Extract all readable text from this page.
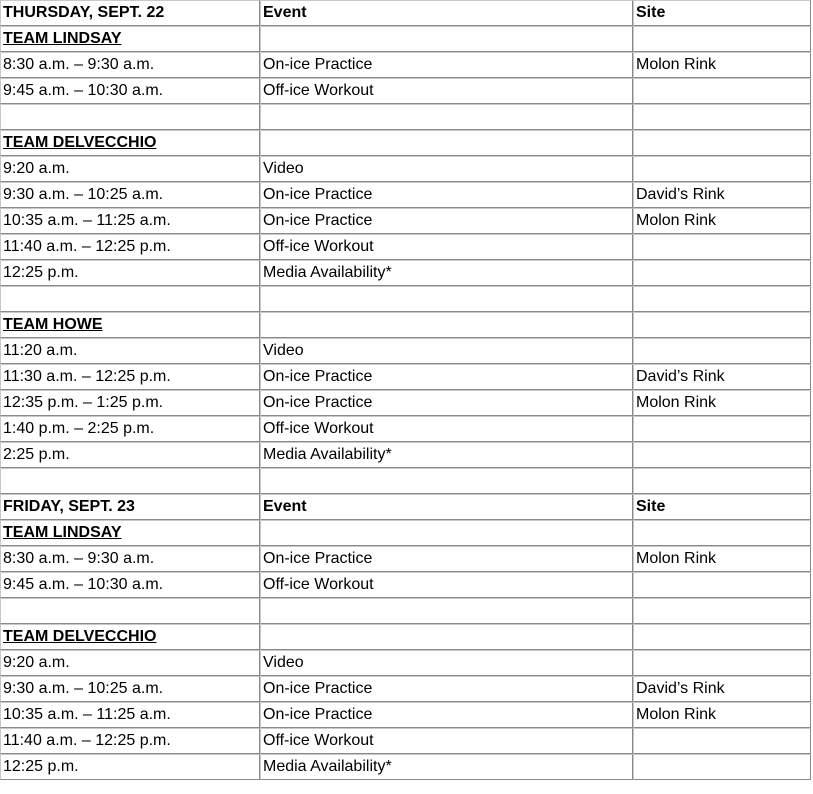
THURSDAY, SEPT. 22	Event	Site
TEAM LINDSAY		
8:30 a.m. – 9:30 a.m.	On-ice Practice	Molon Rink
9:45 a.m. – 10:30 a.m.	Off-ice Workout	

TEAM DELVECCHIO		
9:20 a.m.	Video	
9:30 a.m. – 10:25 a.m.	On-ice Practice	David’s Rink
10:35 a.m. – 11:25 a.m.	On-ice Practice	Molon Rink
11:40 a.m. – 12:25 p.m.	Off-ice Workout	
12:25 p.m.	Media Availability*	

TEAM HOWE		
11:20 a.m.	Video	
11:30 a.m. – 12:25 p.m.	On-ice Practice	David’s Rink
12:35 p.m. – 1:25 p.m.	On-ice Practice	Molon Rink
1:40 p.m. – 2:25 p.m.	Off-ice Workout	
2:25 p.m.	Media Availability*	

FRIDAY, SEPT. 23	Event	Site
TEAM LINDSAY		
8:30 a.m. – 9:30 a.m.	On-ice Practice	Molon Rink
9:45 a.m. – 10:30 a.m.	Off-ice Workout	

TEAM DELVECCHIO		
9:20 a.m.	Video	
9:30 a.m. – 10:25 a.m.	On-ice Practice	David’s Rink
10:35 a.m. – 11:25 a.m.	On-ice Practice	Molon Rink
11:40 a.m. – 12:25 p.m.	Off-ice Workout	
12:25 p.m.	Media Availability*	
